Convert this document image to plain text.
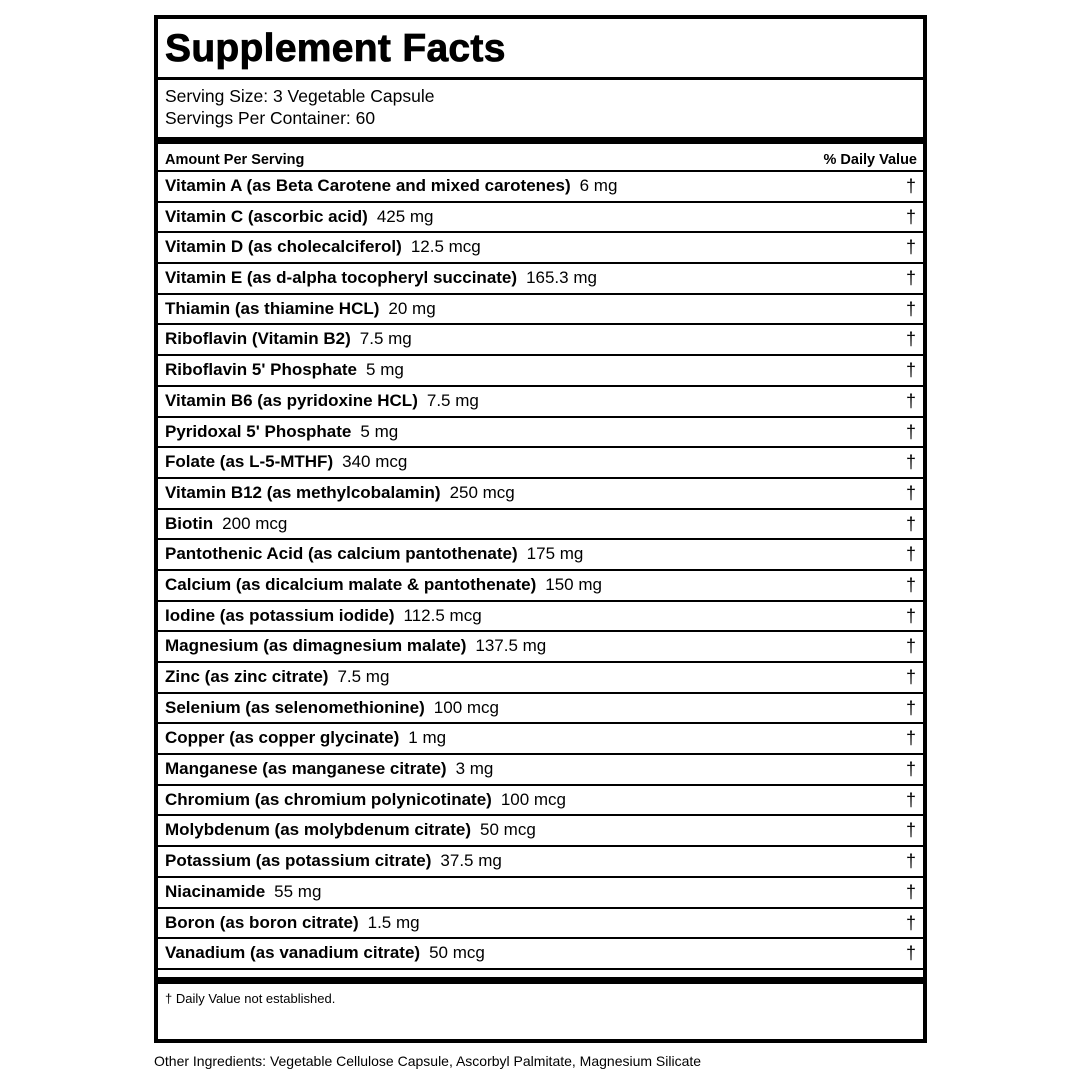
Supplement Facts
Serving Size: 3 Vegetable Capsule
Servings Per Container: 60
Amount Per Serving	% Daily Value
Vitamin A (as Beta Carotene and mixed carotenes) 6 mg	†
Vitamin C (ascorbic acid) 425 mg	†
Vitamin D (as cholecalciferol) 12.5 mcg	†
Vitamin E (as d-alpha tocopheryl succinate) 165.3 mg	†
Thiamin (as thiamine HCL) 20 mg	†
Riboflavin (Vitamin B2) 7.5 mg	†
Riboflavin 5' Phosphate 5 mg	†
Vitamin B6 (as pyridoxine HCL) 7.5 mg	†
Pyridoxal 5' Phosphate 5 mg	†
Folate (as L-5-MTHF) 340 mcg	†
Vitamin B12 (as methylcobalamin) 250 mcg	†
Biotin 200 mcg	†
Pantothenic Acid (as calcium pantothenate) 175 mg	†
Calcium (as dicalcium malate & pantothenate) 150 mg	†
Iodine (as potassium iodide) 112.5 mcg	†
Magnesium (as dimagnesium malate) 137.5 mg	†
Zinc (as zinc citrate) 7.5 mg	†
Selenium (as selenomethionine) 100 mcg	†
Copper (as copper glycinate) 1 mg	†
Manganese (as manganese citrate) 3 mg	†
Chromium (as chromium polynicotinate) 100 mcg	†
Molybdenum (as molybdenum citrate) 50 mcg	†
Potassium (as potassium citrate) 37.5 mg	†
Niacinamide 55 mg	†
Boron (as boron citrate) 1.5 mg	†
Vanadium (as vanadium citrate) 50 mcg	†
† Daily Value not established.
Other Ingredients: Vegetable Cellulose Capsule, Ascorbyl Palmitate, Magnesium Silicate
